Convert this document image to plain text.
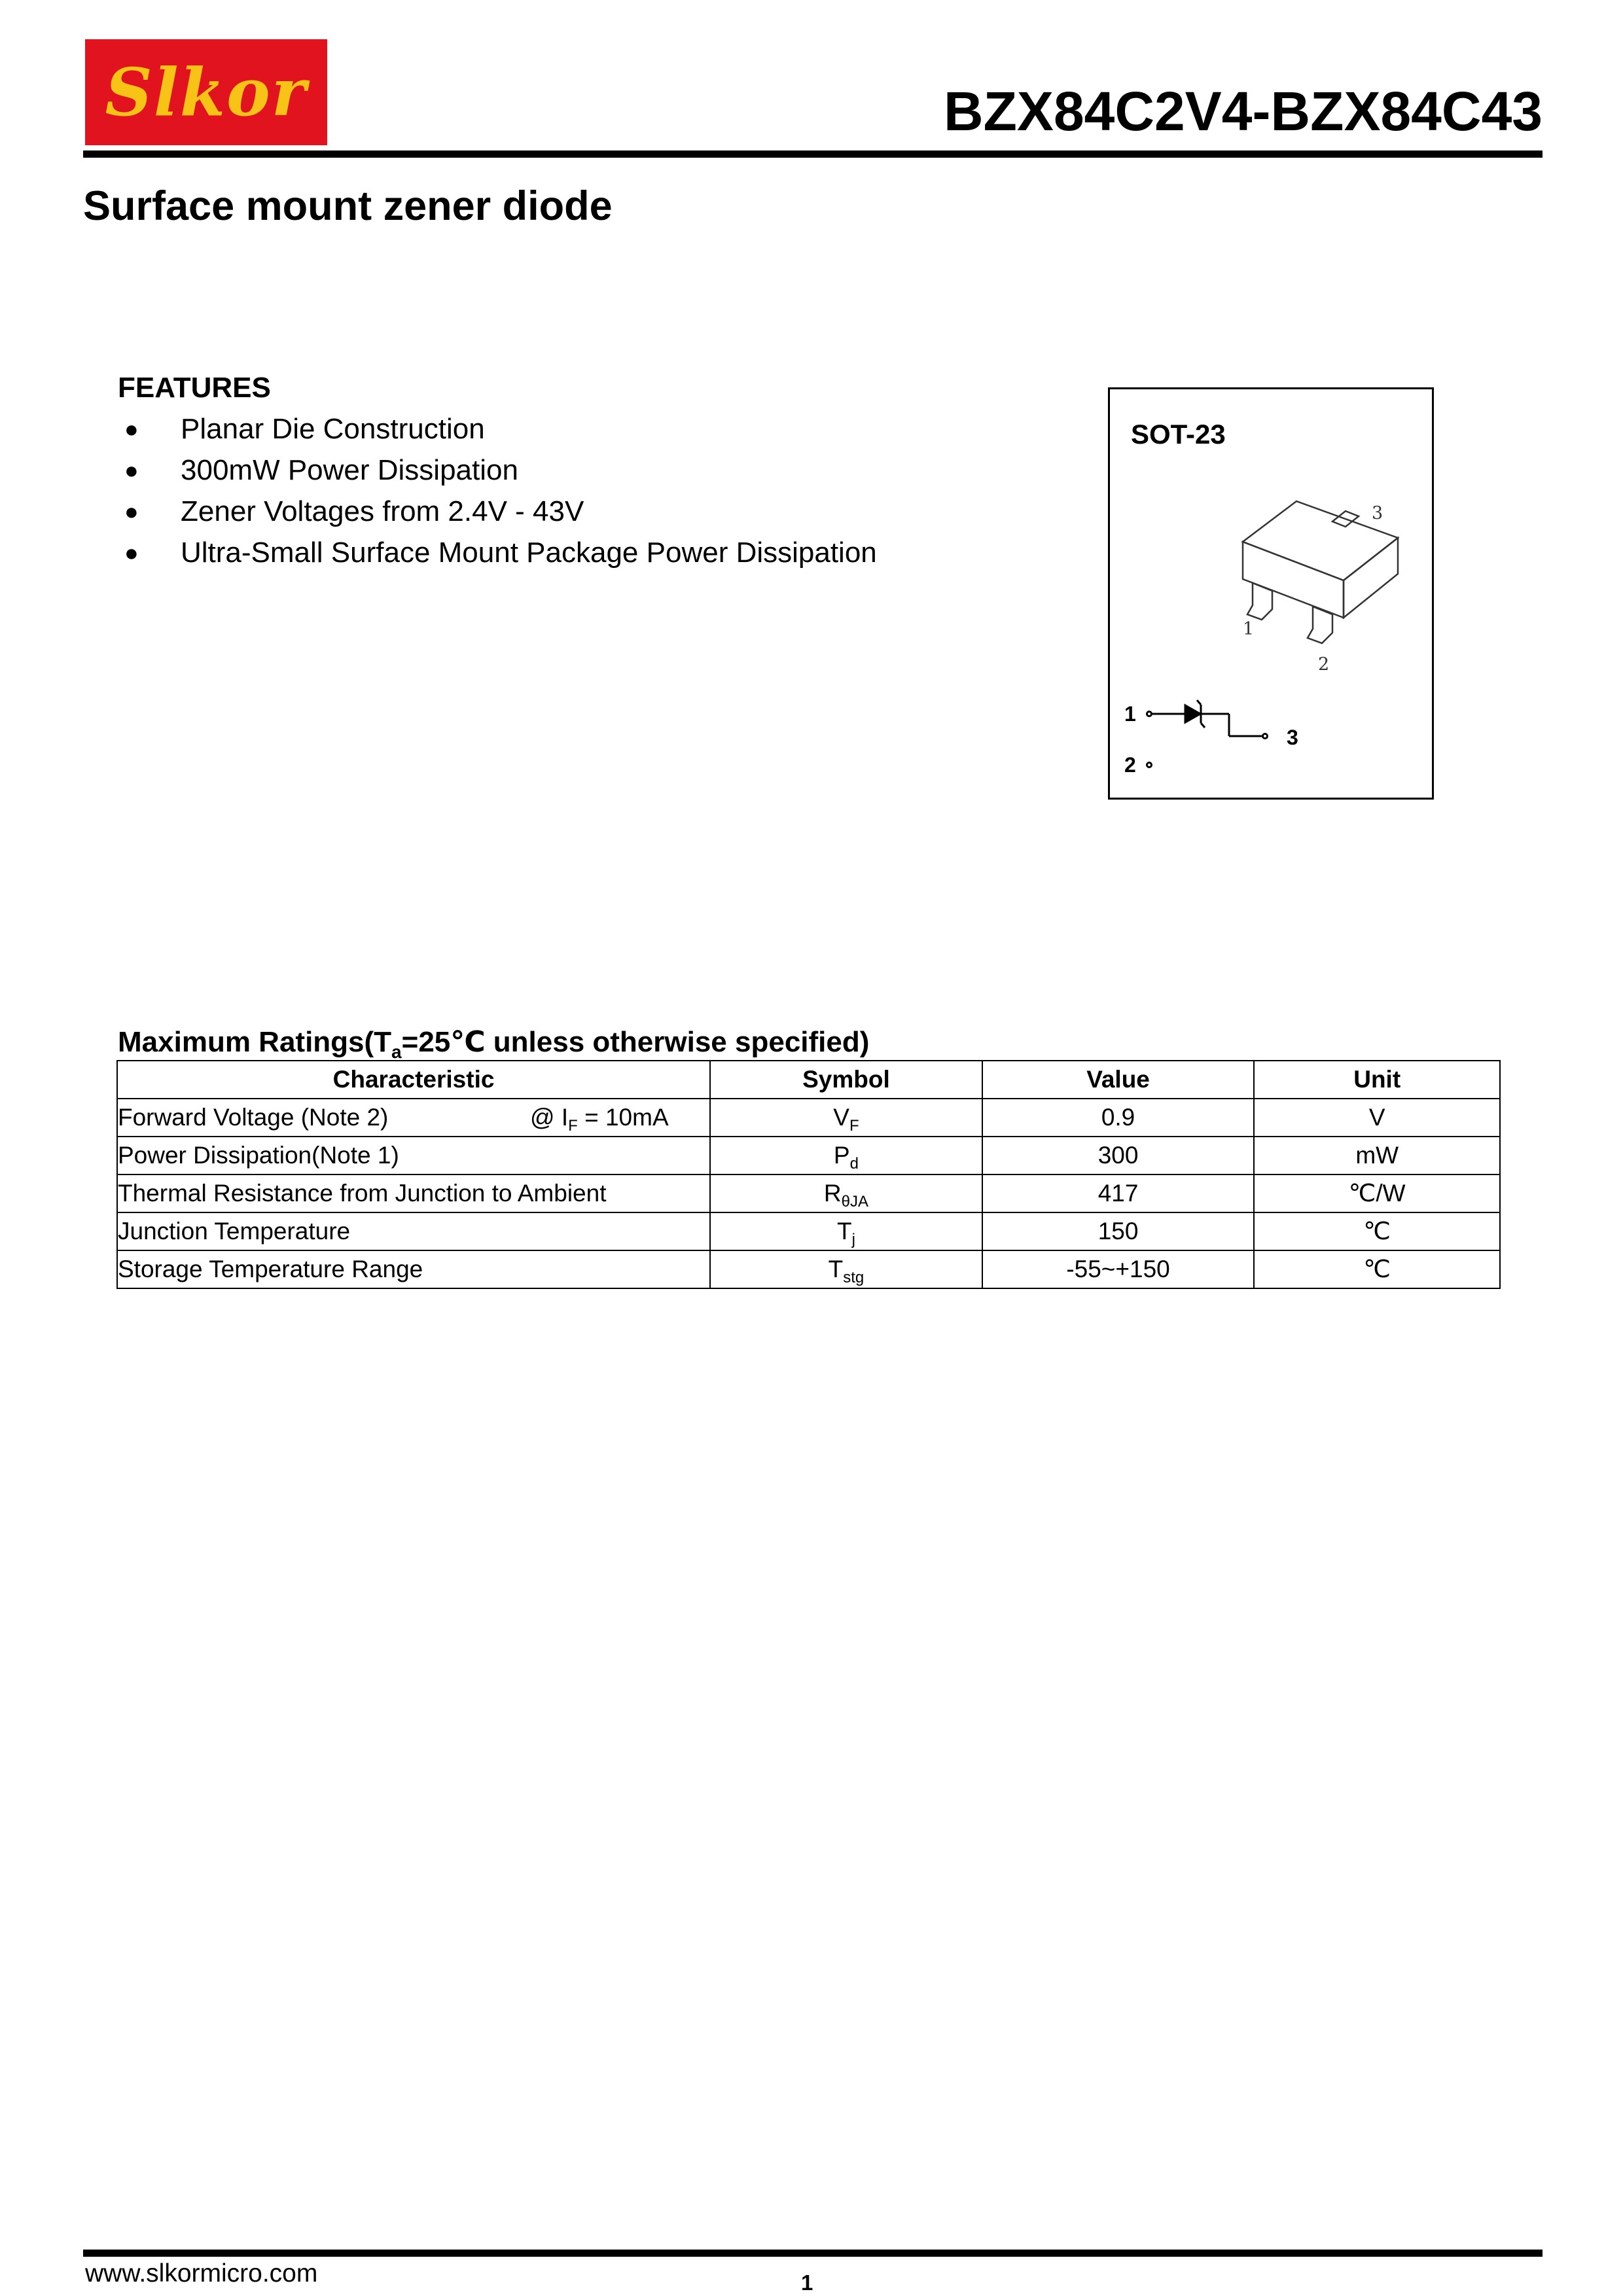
Slkor	BZX84C2V4-BZX84C43
Surface mount zener diode
FEATURES
● Planar Die Construction
● 300mW Power Dissipation
● Zener Voltages from 2.4V - 43V
● Ultra-Small Surface Mount Package Power Dissipation
SOT-23
3
1
2
1
2
3
Maximum $Ratings(T_a=25℃$ unless otherwise specified)
Characteristic	Symbol	Value	Unit
Forward Voltage (Note 2) @ $I_F = 10mA$	$V_F$	0.9	V
Power Dissipation(Note 1)	$P_d$	300	mW
Thermal Resistance from Junction to Ambient	$R_{\theta JA}$	417	℃/W
Junction Temperature	$T_j$	150	℃
Storage Temperature Range	$T_{stg}$	-55~+150	℃
www.slkormicro.com	1
